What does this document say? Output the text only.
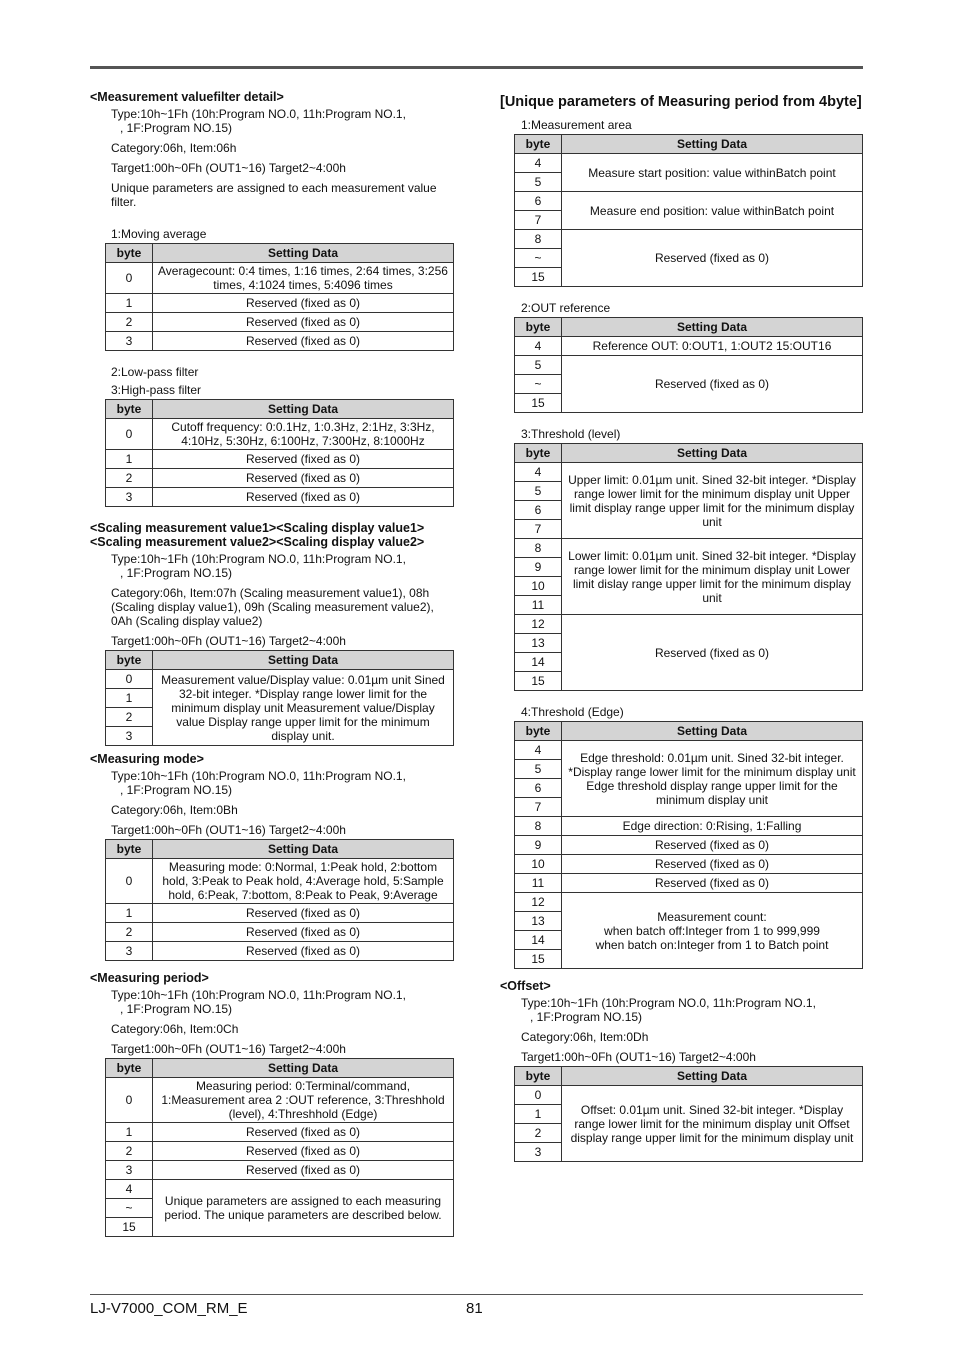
<Measurement valuefilter detail>
Type:10h~1Fh (10h:Program NO.0, 11h:Program NO.1,
, 1F:Program NO.15)
Category:06h, Item:06h
Target1:00h~0Fh (OUT1~16) Target2~4:00h
Unique parameters are assigned to each measurement value filter.
1:Moving average
byte	Setting Data
0	Averagecount: 0:4 times, 1:16 times, 2:64 times, 3:256 times, 4:1024 times, 5:4096 times
1	Reserved (fixed as 0)
2	Reserved (fixed as 0)
3	Reserved (fixed as 0)
2:Low-pass filter
3:High-pass filter
byte	Setting Data
0	Cutoff frequency: 0:0.1Hz, 1:0.3Hz, 2:1Hz, 3:3Hz, 4:10Hz, 5:30Hz, 6:100Hz, 7:300Hz, 8:1000Hz
1	Reserved (fixed as 0)
2	Reserved (fixed as 0)
3	Reserved (fixed as 0)
<Scaling measurement value1><Scaling display value1>
<Scaling measurement value2><Scaling display value2>
Type:10h~1Fh (10h:Program NO.0, 11h:Program NO.1,
, 1F:Program NO.15)
Category:06h, Item:07h (Scaling measurement value1), 08h (Scaling display value1), 09h (Scaling measurement value2), 0Ah (Scaling display value2)
Target1:00h~0Fh (OUT1~16) Target2~4:00h
byte	Setting Data
0	Measurement value/Display value: 0.01µm unit Sined 32-bit integer. *Display range lower limit for the minimum display unit Measurement value/Display value Display range upper limit for the minimum display unit.
1	
2	
3	
<Measuring mode>
Type:10h~1Fh (10h:Program NO.0, 11h:Program NO.1,
, 1F:Program NO.15)
Category:06h, Item:0Bh
Target1:00h~0Fh (OUT1~16) Target2~4:00h
byte	Setting Data
0	Measuring mode: 0:Normal, 1:Peak hold, 2:bottom hold, 3:Peak to Peak hold, 4:Average hold, 5:Sample hold, 6:Peak, 7:bottom, 8:Peak to Peak, 9:Average
1	Reserved (fixed as 0)
2	Reserved (fixed as 0)
3	Reserved (fixed as 0)
<Measuring period>
Type:10h~1Fh (10h:Program NO.0, 11h:Program NO.1,
, 1F:Program NO.15)
Category:06h, Item:0Ch
Target1:00h~0Fh (OUT1~16) Target2~4:00h
byte	Setting Data
0	Measuring period: 0:Terminal/command, 1:Measurement area 2 :OUT reference, 3:Threshhold (level), 4:Threshhold (Edge)
1	Reserved (fixed as 0)
2	Reserved (fixed as 0)
3	Reserved (fixed as 0)
4	Unique parameters are assigned to each measuring period. The unique parameters are described below.
~	
15	
[Unique parameters of Measuring period from 4byte]
1:Measurement area
byte	Setting Data
4	Measure start position: value withinBatch point
5	
6	Measure end position: value withinBatch point
7	
8	Reserved (fixed as 0)
~	
15	
2:OUT reference
byte	Setting Data
4	Reference OUT: 0:OUT1, 1:OUT2 15:OUT16
5	Reserved (fixed as 0)
~	
15	
3:Threshold (level)
byte	Setting Data
4	Upper limit: 0.01µm unit. Sined 32-bit integer. *Display range lower limit for the minimum display unit Upper limit display range upper limit for the minimum display unit
5	
6	
7	
8	Lower limit: 0.01µm unit. Sined 32-bit integer. *Display range lower limit for the minimum display unit Lower limit dislay range upper limit for the minimum display unit
9	
10	
11	
12	Reserved (fixed as 0)
13	
14	
15	
4:Threshold (Edge)
byte	Setting Data
4	Edge threshold: 0.01µm unit. Sined 32-bit integer. *Display range lower limit for the minimum display unit Edge threshold display range upper limit for the minimum display unit
5	
6	
7	
8	Edge direction: 0:Rising, 1:Falling
9	Reserved (fixed as 0)
10	Reserved (fixed as 0)
11	Reserved (fixed as 0)
12	Measurement count:
when batch off:Integer from 1 to 999,999
when batch on:Integer from 1 to Batch point

13	
14	
15	
<Offset>
Type:10h~1Fh (10h:Program NO.0, 11h:Program NO.1,
, 1F:Program NO.15)
Category:06h, Item:0Dh
Target1:00h~0Fh (OUT1~16) Target2~4:00h
byte	Setting Data
0	Offset: 0.01µm unit. Sined 32-bit integer. *Display range lower limit for the minimum display unit Offset display range upper limit for the minimum display unit
1	
2	
3	
LJ-V7000_COM_RM_E	81
